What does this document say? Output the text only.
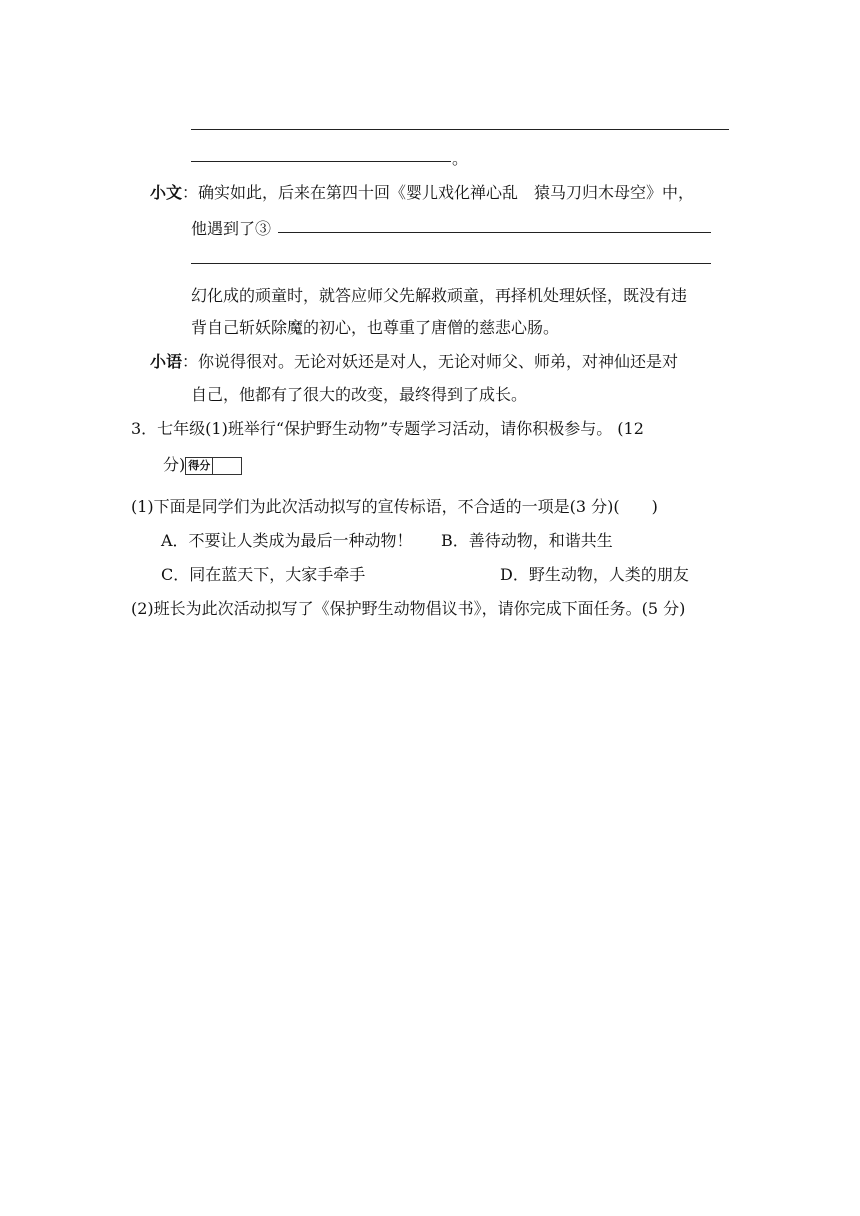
。
小文：确实如此，后来在第四十回《婴儿戏化禅心乱　猿马刀归木母空》中，
他遇到了③
幻化成的顽童时，就答应师父先解救顽童，再择机处理妖怪，既没有违
背自己斩妖除魔的初心，也尊重了唐僧的慈悲心肠。
小语：你说得很对。无论对妖还是对人，无论对师父、师弟，对神仙还是对
自己，他都有了很大的改变，最终得到了成长。
3．七年级(1)班举行“保护野生动物”专题学习活动，请你积极参与。 (12
分) 得分
(1)下面是同学们为此次活动拟写的宣传标语，不合适的一项是(3 分)(　　)
A．不要让人类成为最后一种动物！ B．善待动物，和谐共生
C．同在蓝天下，大家手牵手	D．野生动物，人类的朋友
(2)班长为此次活动拟写了《保护野生动物倡议书》，请你完成下面任务。(5 分)
